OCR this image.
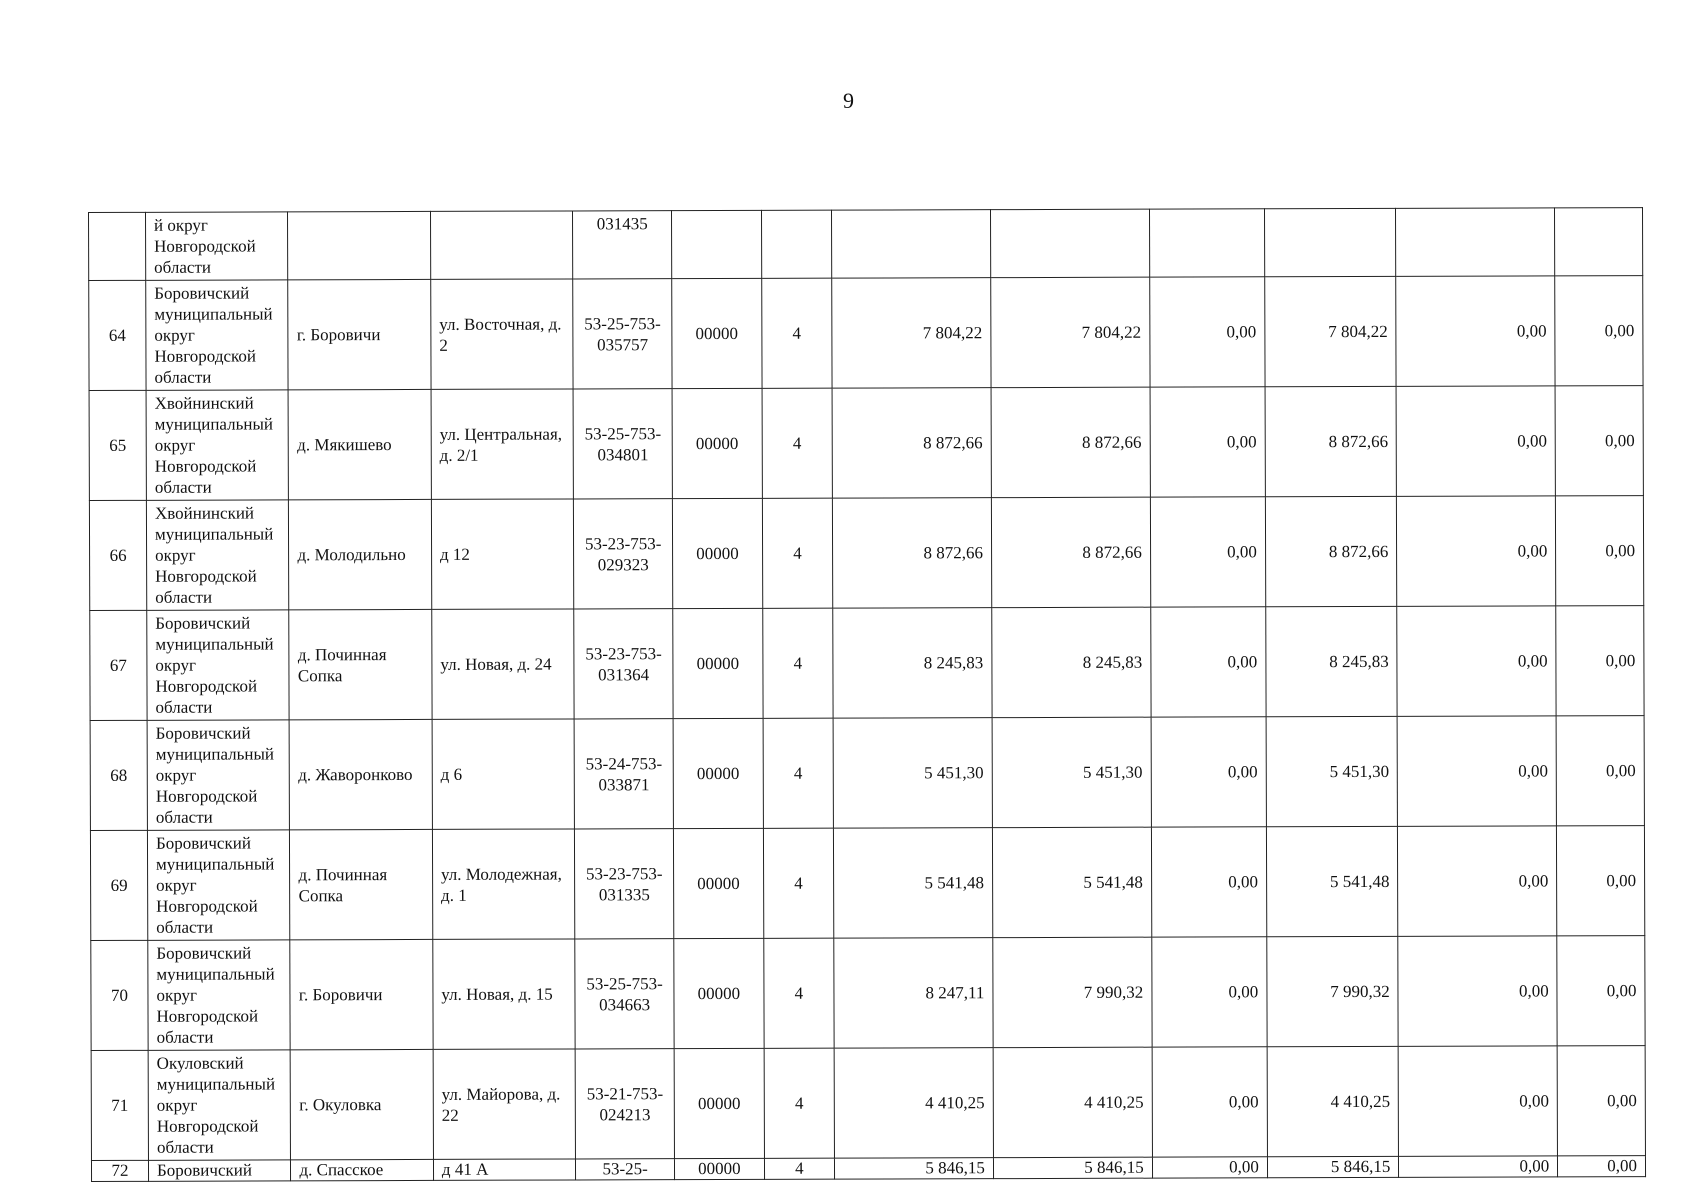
9
	й округ Новгородской области			031435								
64	Боровичский муниципальный округ Новгородской области	г. Боровичи	ул. Восточная, д. 2	53-25-753-035757	00000	4	7 804,22	7 804,22	0,00	7 804,22	0,00	0,00
65	Хвойнинский муниципальный округ Новгородской области	д. Мякишево	ул. Центральная, д. 2/1	53-25-753-034801	00000	4	8 872,66	8 872,66	0,00	8 872,66	0,00	0,00
66	Хвойнинский муниципальный округ Новгородской области	д. Молодильно	д 12	53-23-753-029323	00000	4	8 872,66	8 872,66	0,00	8 872,66	0,00	0,00
67	Боровичский муниципальный округ Новгородской области	д. Починная Сопка	ул. Новая, д. 24	53-23-753-031364	00000	4	8 245,83	8 245,83	0,00	8 245,83	0,00	0,00
68	Боровичский муниципальный округ Новгородской области	д. Жаворонково	д 6	53-24-753-033871	00000	4	5 451,30	5 451,30	0,00	5 451,30	0,00	0,00
69	Боровичский муниципальный округ Новгородской области	д. Починная Сопка	ул. Молодежная, д. 1	53-23-753-031335	00000	4	5 541,48	5 541,48	0,00	5 541,48	0,00	0,00
70	Боровичский муниципальный округ Новгородской области	г. Боровичи	ул. Новая, д. 15	53-25-753-034663	00000	4	8 247,11	7 990,32	0,00	7 990,32	0,00	0,00
71	Окуловский муниципальный округ Новгородской области	г. Окуловка	ул. Майорова, д. 22	53-21-753-024213	00000	4	4 410,25	4 410,25	0,00	4 410,25	0,00	0,00
72	Боровичский	д. Спасское	д 41 А	53-25-	00000	4	5 846,15	5 846,15	0,00	5 846,15	0,00	0,00
